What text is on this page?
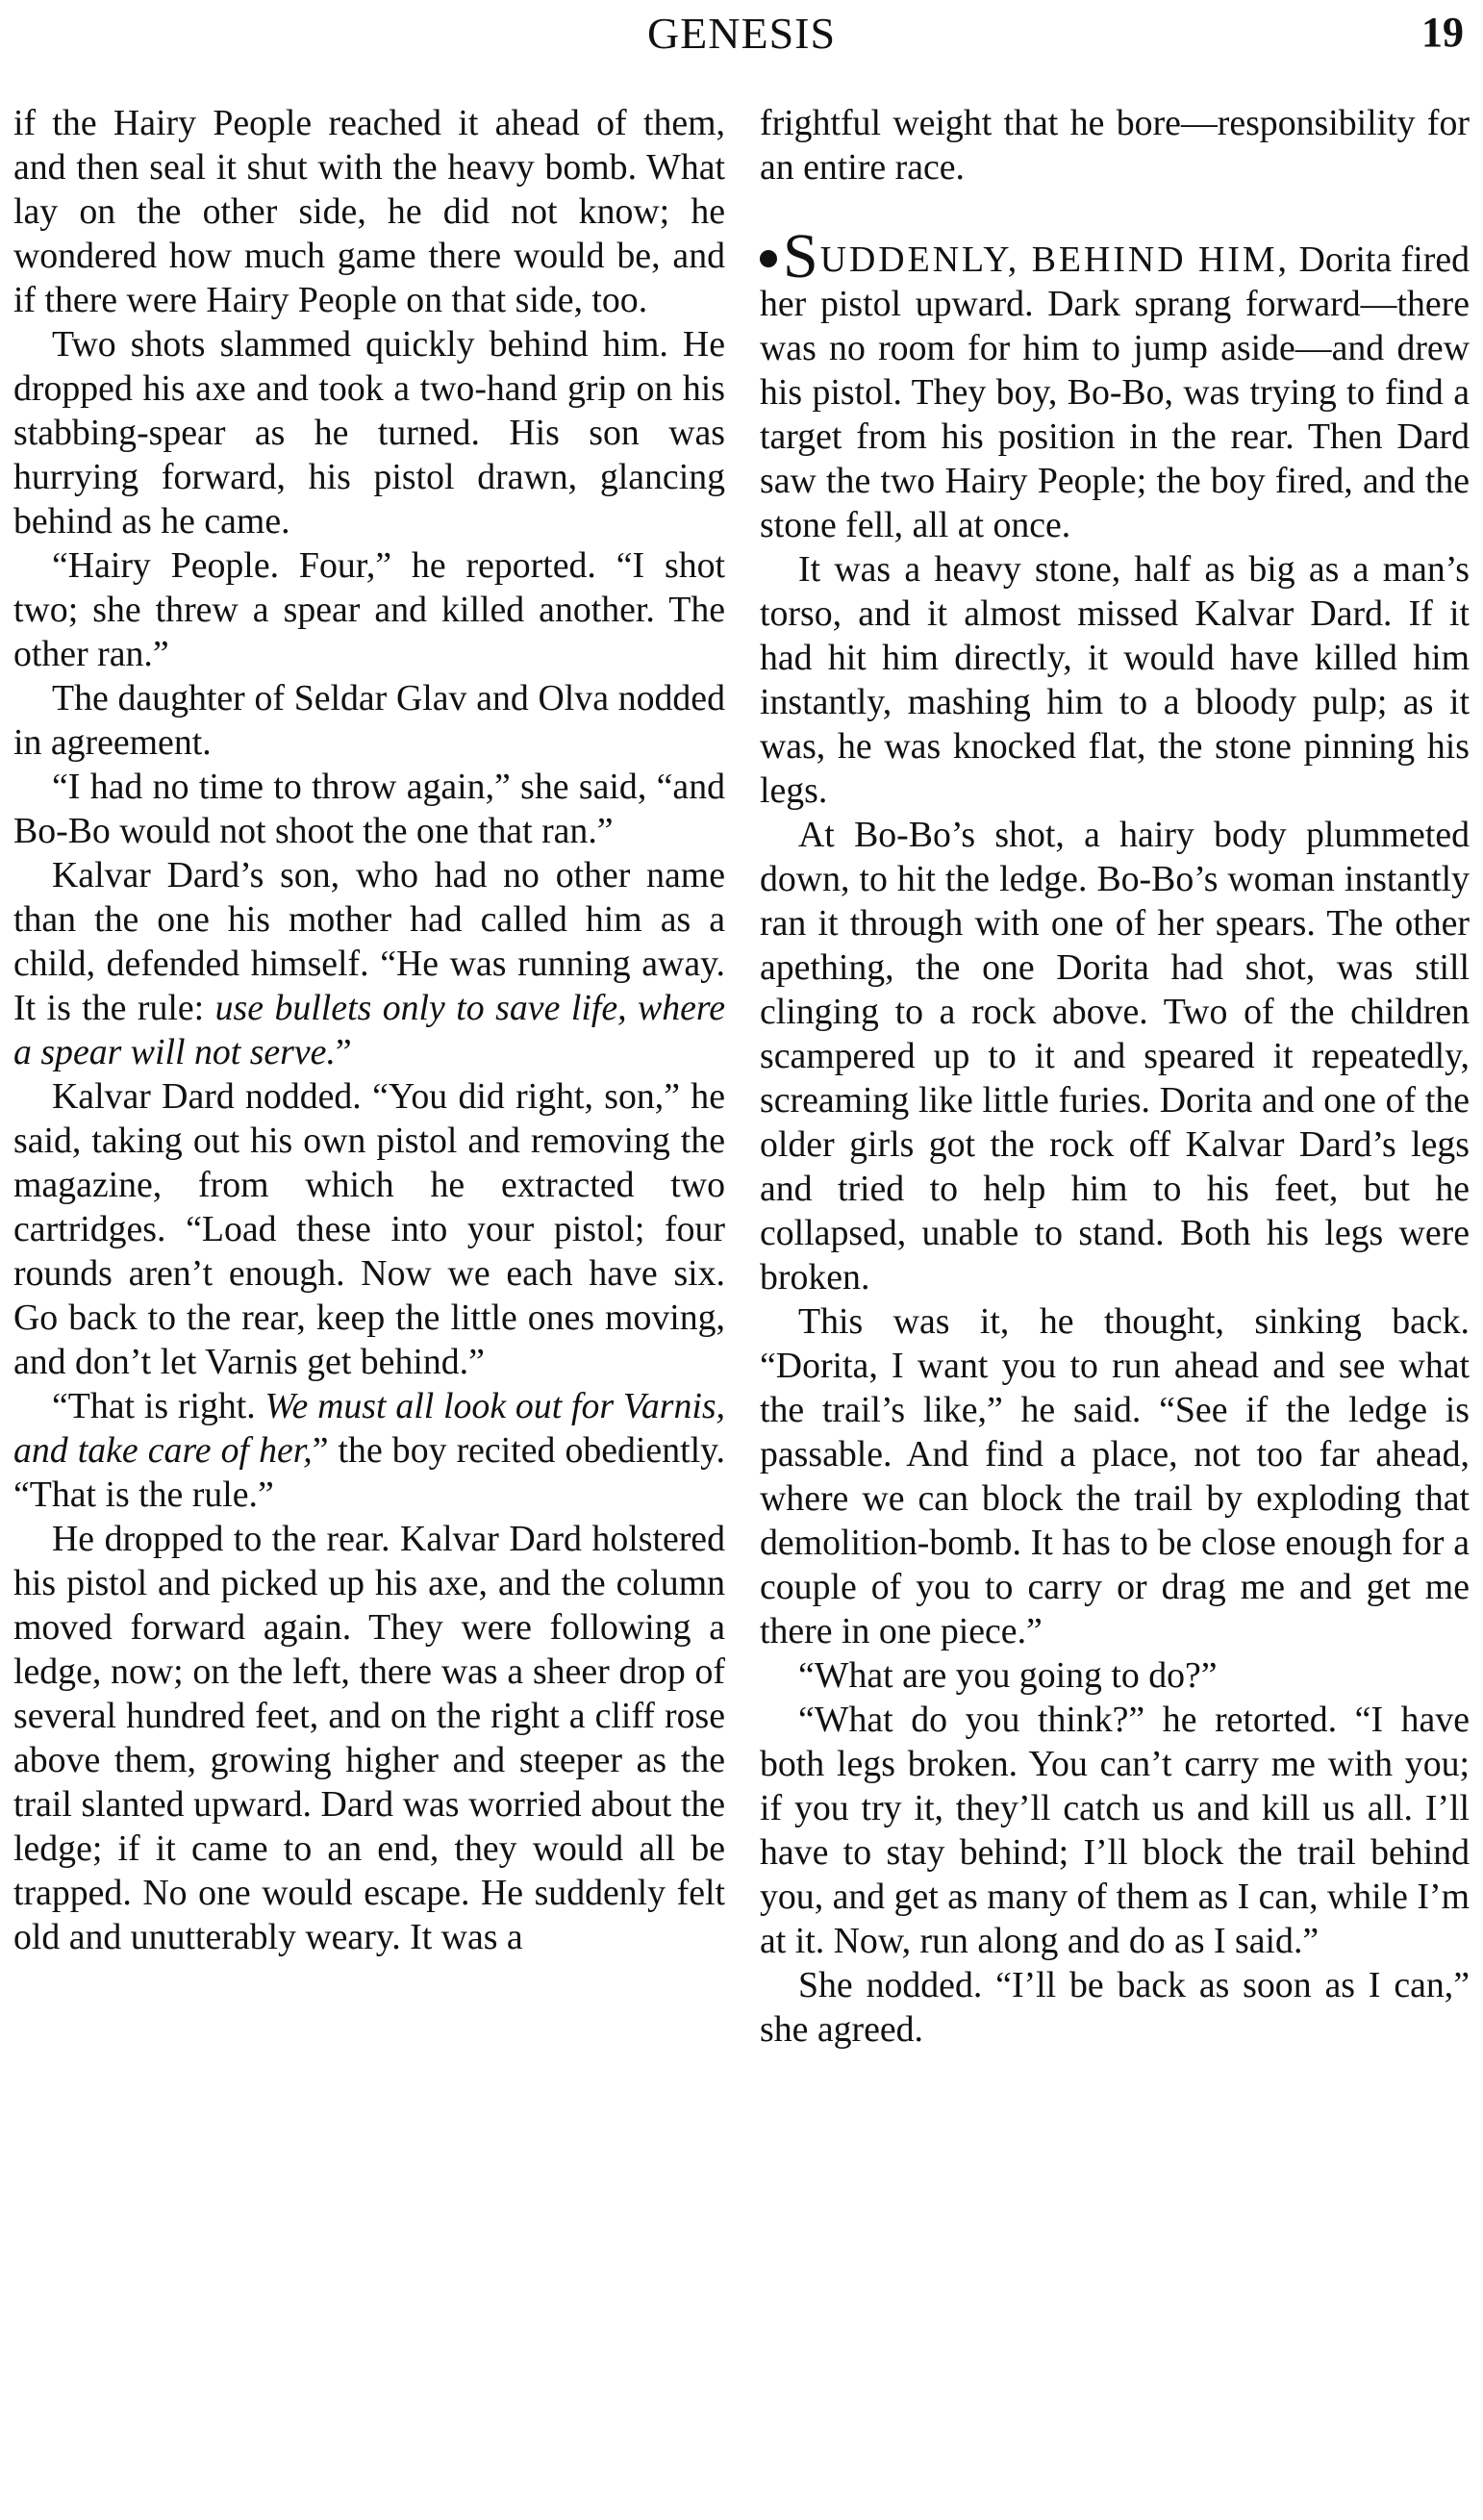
GENESIS	19

if the Hairy People reached it ahead of them, and then seal it shut with the heavy bomb. What lay on the other side, he did not know; he wondered how much game there would be, and if there were Hairy People on that side, too.

Two shots slammed quickly behind him. He dropped his axe and took a two-hand grip on his stabbing-spear as he turned. His son was hurrying forward, his pistol drawn, glancing behind as he came.

“Hairy People. Four,” he reported. “I shot two; she threw a spear and killed another. The other ran.”

The daughter of Seldar Glav and Olva nodded in agreement.

“I had no time to throw again,” she said, “and Bo-Bo would not shoot the one that ran.”

Kalvar Dard’s son, who had no other name than the one his mother had called him as a child, defended himself. “He was running away. It is the rule: use bullets only to save life, where a spear will not serve.”

Kalvar Dard nodded. “You did right, son,” he said, taking out his own pistol and removing the magazine, from which he extracted two cartridges. “Load these into your pistol; four rounds aren’t enough. Now we each have six. Go back to the rear, keep the little ones moving, and don’t let Varnis get behind.”

“That is right. We must all look out for Varnis, and take care of her,” the boy recited obediently. “That is the rule.”

He dropped to the rear. Kalvar Dard holstered his pistol and picked up his axe, and the column moved forward again. They were following a ledge, now; on the left, there was a sheer drop of several hundred feet, and on the right a cliff rose above them, growing higher and steeper as the trail slanted upward. Dard was worried about the ledge; if it came to an end, they would all be trapped. No one would escape. He suddenly felt old and unutterably weary. It was a

frightful weight that he bore—responsibility for an entire race.

SUDDENLY, BEHIND HIM, Dorita fired her pistol upward. Dark sprang forward—there was no room for him to jump aside—and drew his pistol. They boy, Bo-Bo, was trying to find a target from his position in the rear. Then Dard saw the two Hairy People; the boy fired, and the stone fell, all at once.

It was a heavy stone, half as big as a man’s torso, and it almost missed Kalvar Dard. If it had hit him directly, it would have killed him instantly, mashing him to a bloody pulp; as it was, he was knocked flat, the stone pinning his legs.

At Bo-Bo’s shot, a hairy body plummeted down, to hit the ledge. Bo-Bo’s woman instantly ran it through with one of her spears. The other apething, the one Dorita had shot, was still clinging to a rock above. Two of the children scampered up to it and speared it repeatedly, screaming like little furies. Dorita and one of the older girls got the rock off Kalvar Dard’s legs and tried to help him to his feet, but he collapsed, unable to stand. Both his legs were broken.

This was it, he thought, sinking back. “Dorita, I want you to run ahead and see what the trail’s like,” he said. “See if the ledge is passable. And find a place, not too far ahead, where we can block the trail by exploding that demolition-bomb. It has to be close enough for a couple of you to carry or drag me and get me there in one piece.”

“What are you going to do?”

“What do you think?” he retorted. “I have both legs broken. You can’t carry me with you; if you try it, they’ll catch us and kill us all. I’ll have to stay behind; I’ll block the trail behind you, and get as many of them as I can, while I’m at it. Now, run along and do as I said.”

She nodded. “I’ll be back as soon as I can,” she agreed.
